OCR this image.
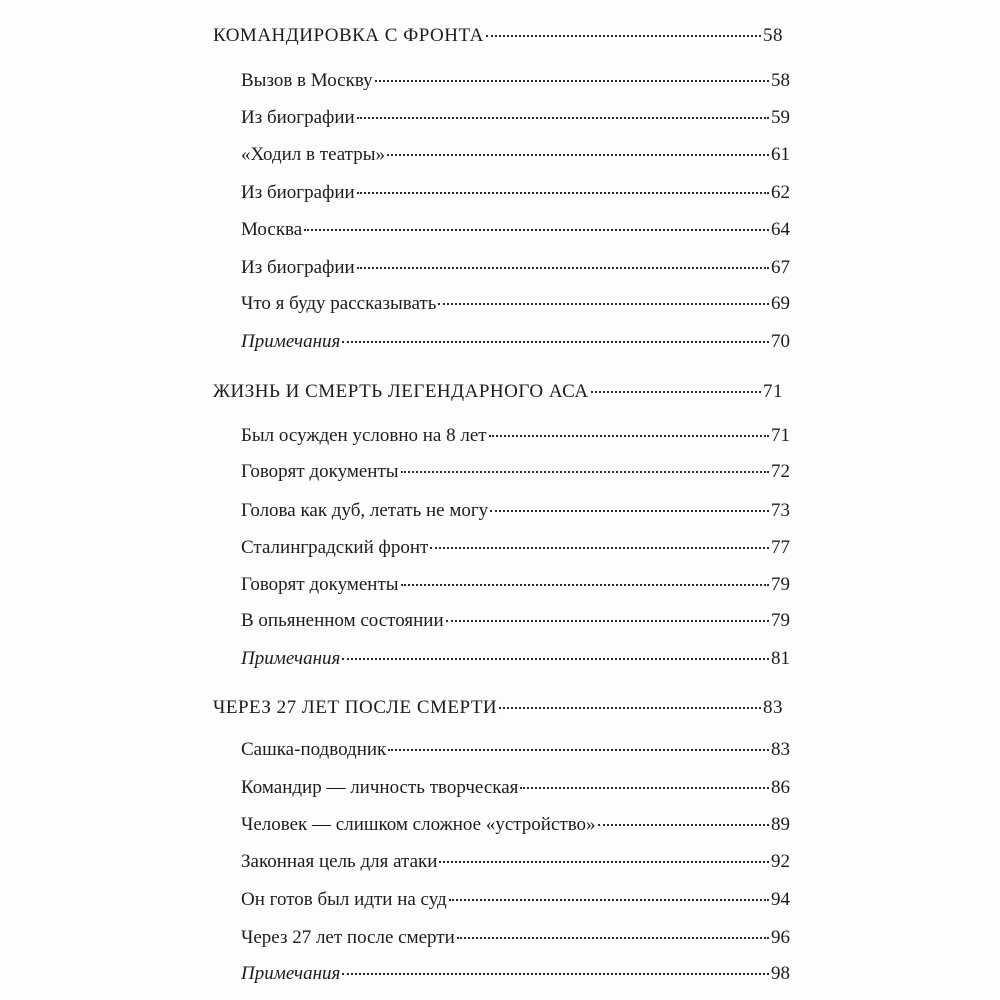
КОМАНДИРОВКА С ФРОНТА	58
Вызов в Москву	58
Из биографии	59
«Ходил в театры»	61
Из биографии	62
Москва	64
Из биографии	67
Что я буду рассказывать	69
Примечания	70
ЖИЗНЬ И СМЕРТЬ ЛЕГЕНДАРНОГО АСА	71
Был осужден условно на 8 лет	71
Говорят документы	72
Голова как дуб, летать не могу	73
Сталинградский фронт	77
Говорят документы	79
В опьяненном состоянии	79
Примечания	81
ЧЕРЕЗ 27 ЛЕТ ПОСЛЕ СМЕРТИ	83
Сашка-подводник	83
Командир — личность творческая	86
Человек — слишком сложное «устройство»	89
Законная цель для атаки	92
Он готов был идти на суд	94
Через 27 лет после смерти	96
Примечания	98
